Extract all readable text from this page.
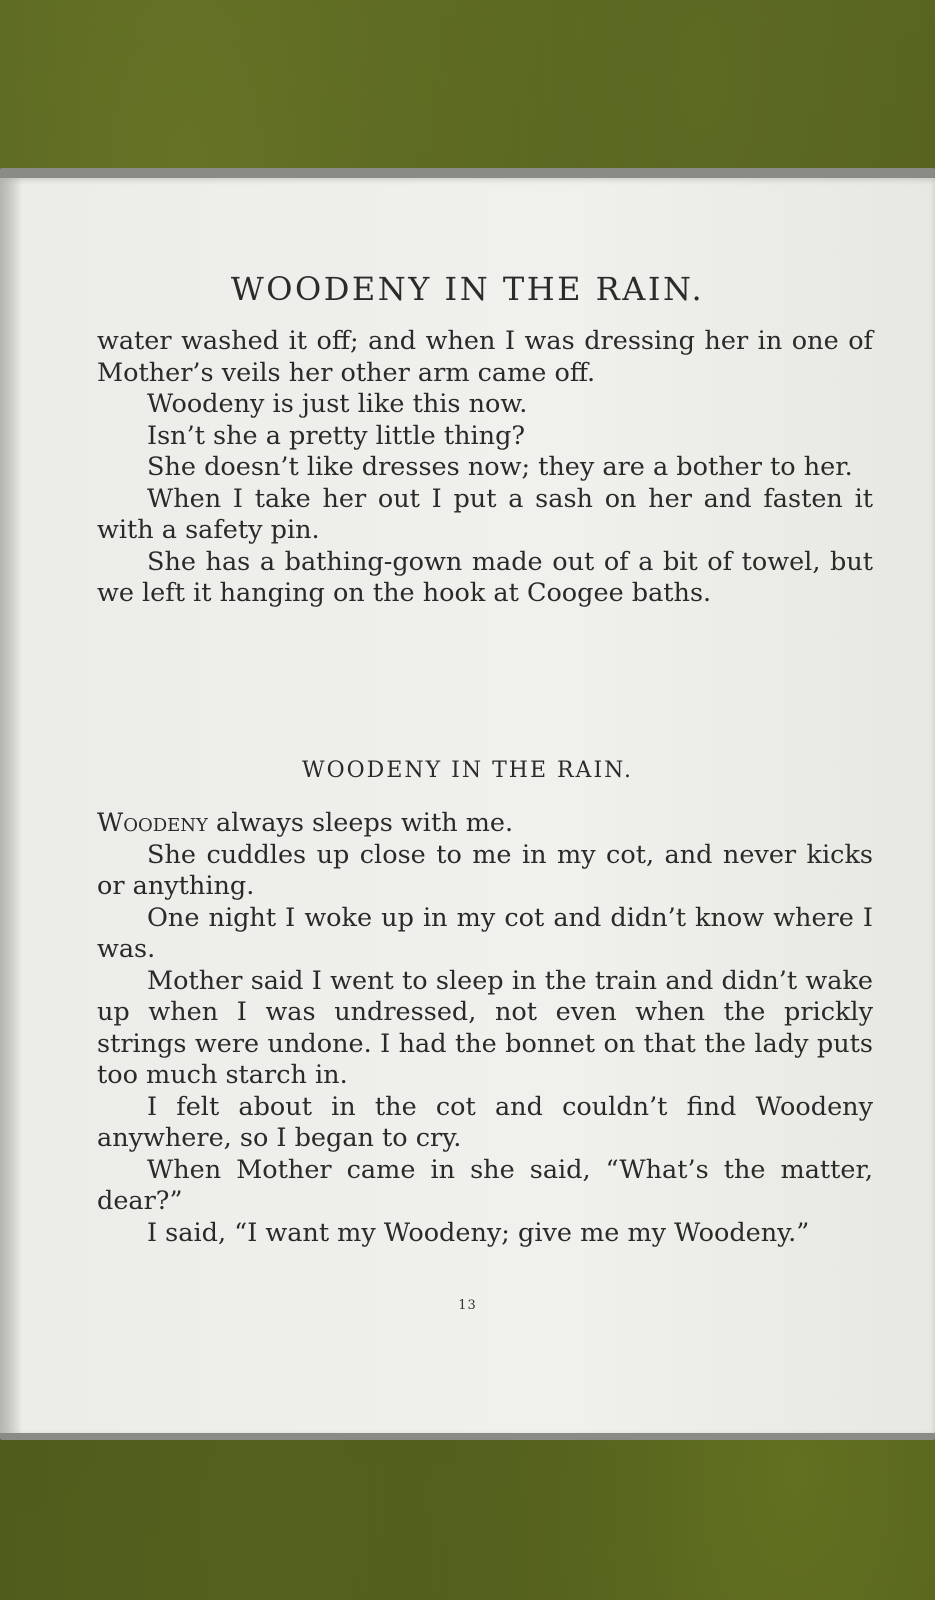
WOODENY IN THE RAIN.

water washed it off; and when I was dressing her in one of Mother’s veils her other arm came off.

Woodeny is just like this now.

Isn’t she a pretty little thing?

She doesn’t like dresses now; they are a bother to her.

When I take her out I put a sash on her and fasten it with a safety pin.

She has a bathing-gown made out of a bit of towel, but we left it hanging on the hook at Coogee baths.

WOODENY IN THE RAIN.

Woodeny always sleeps with me.

She cuddles up close to me in my cot, and never kicks or anything.

One night I woke up in my cot and didn’t know where I was.

Mother said I went to sleep in the train and didn’t wake up when I was undressed, not even when the prickly strings were undone. I had the bonnet on that the lady puts too much starch in.

I felt about in the cot and couldn’t find Woodeny anywhere, so I began to cry.

When Mother came in she said, “What’s the matter, dear?”

I said, “I want my Woodeny; give me my Woodeny.”

13
